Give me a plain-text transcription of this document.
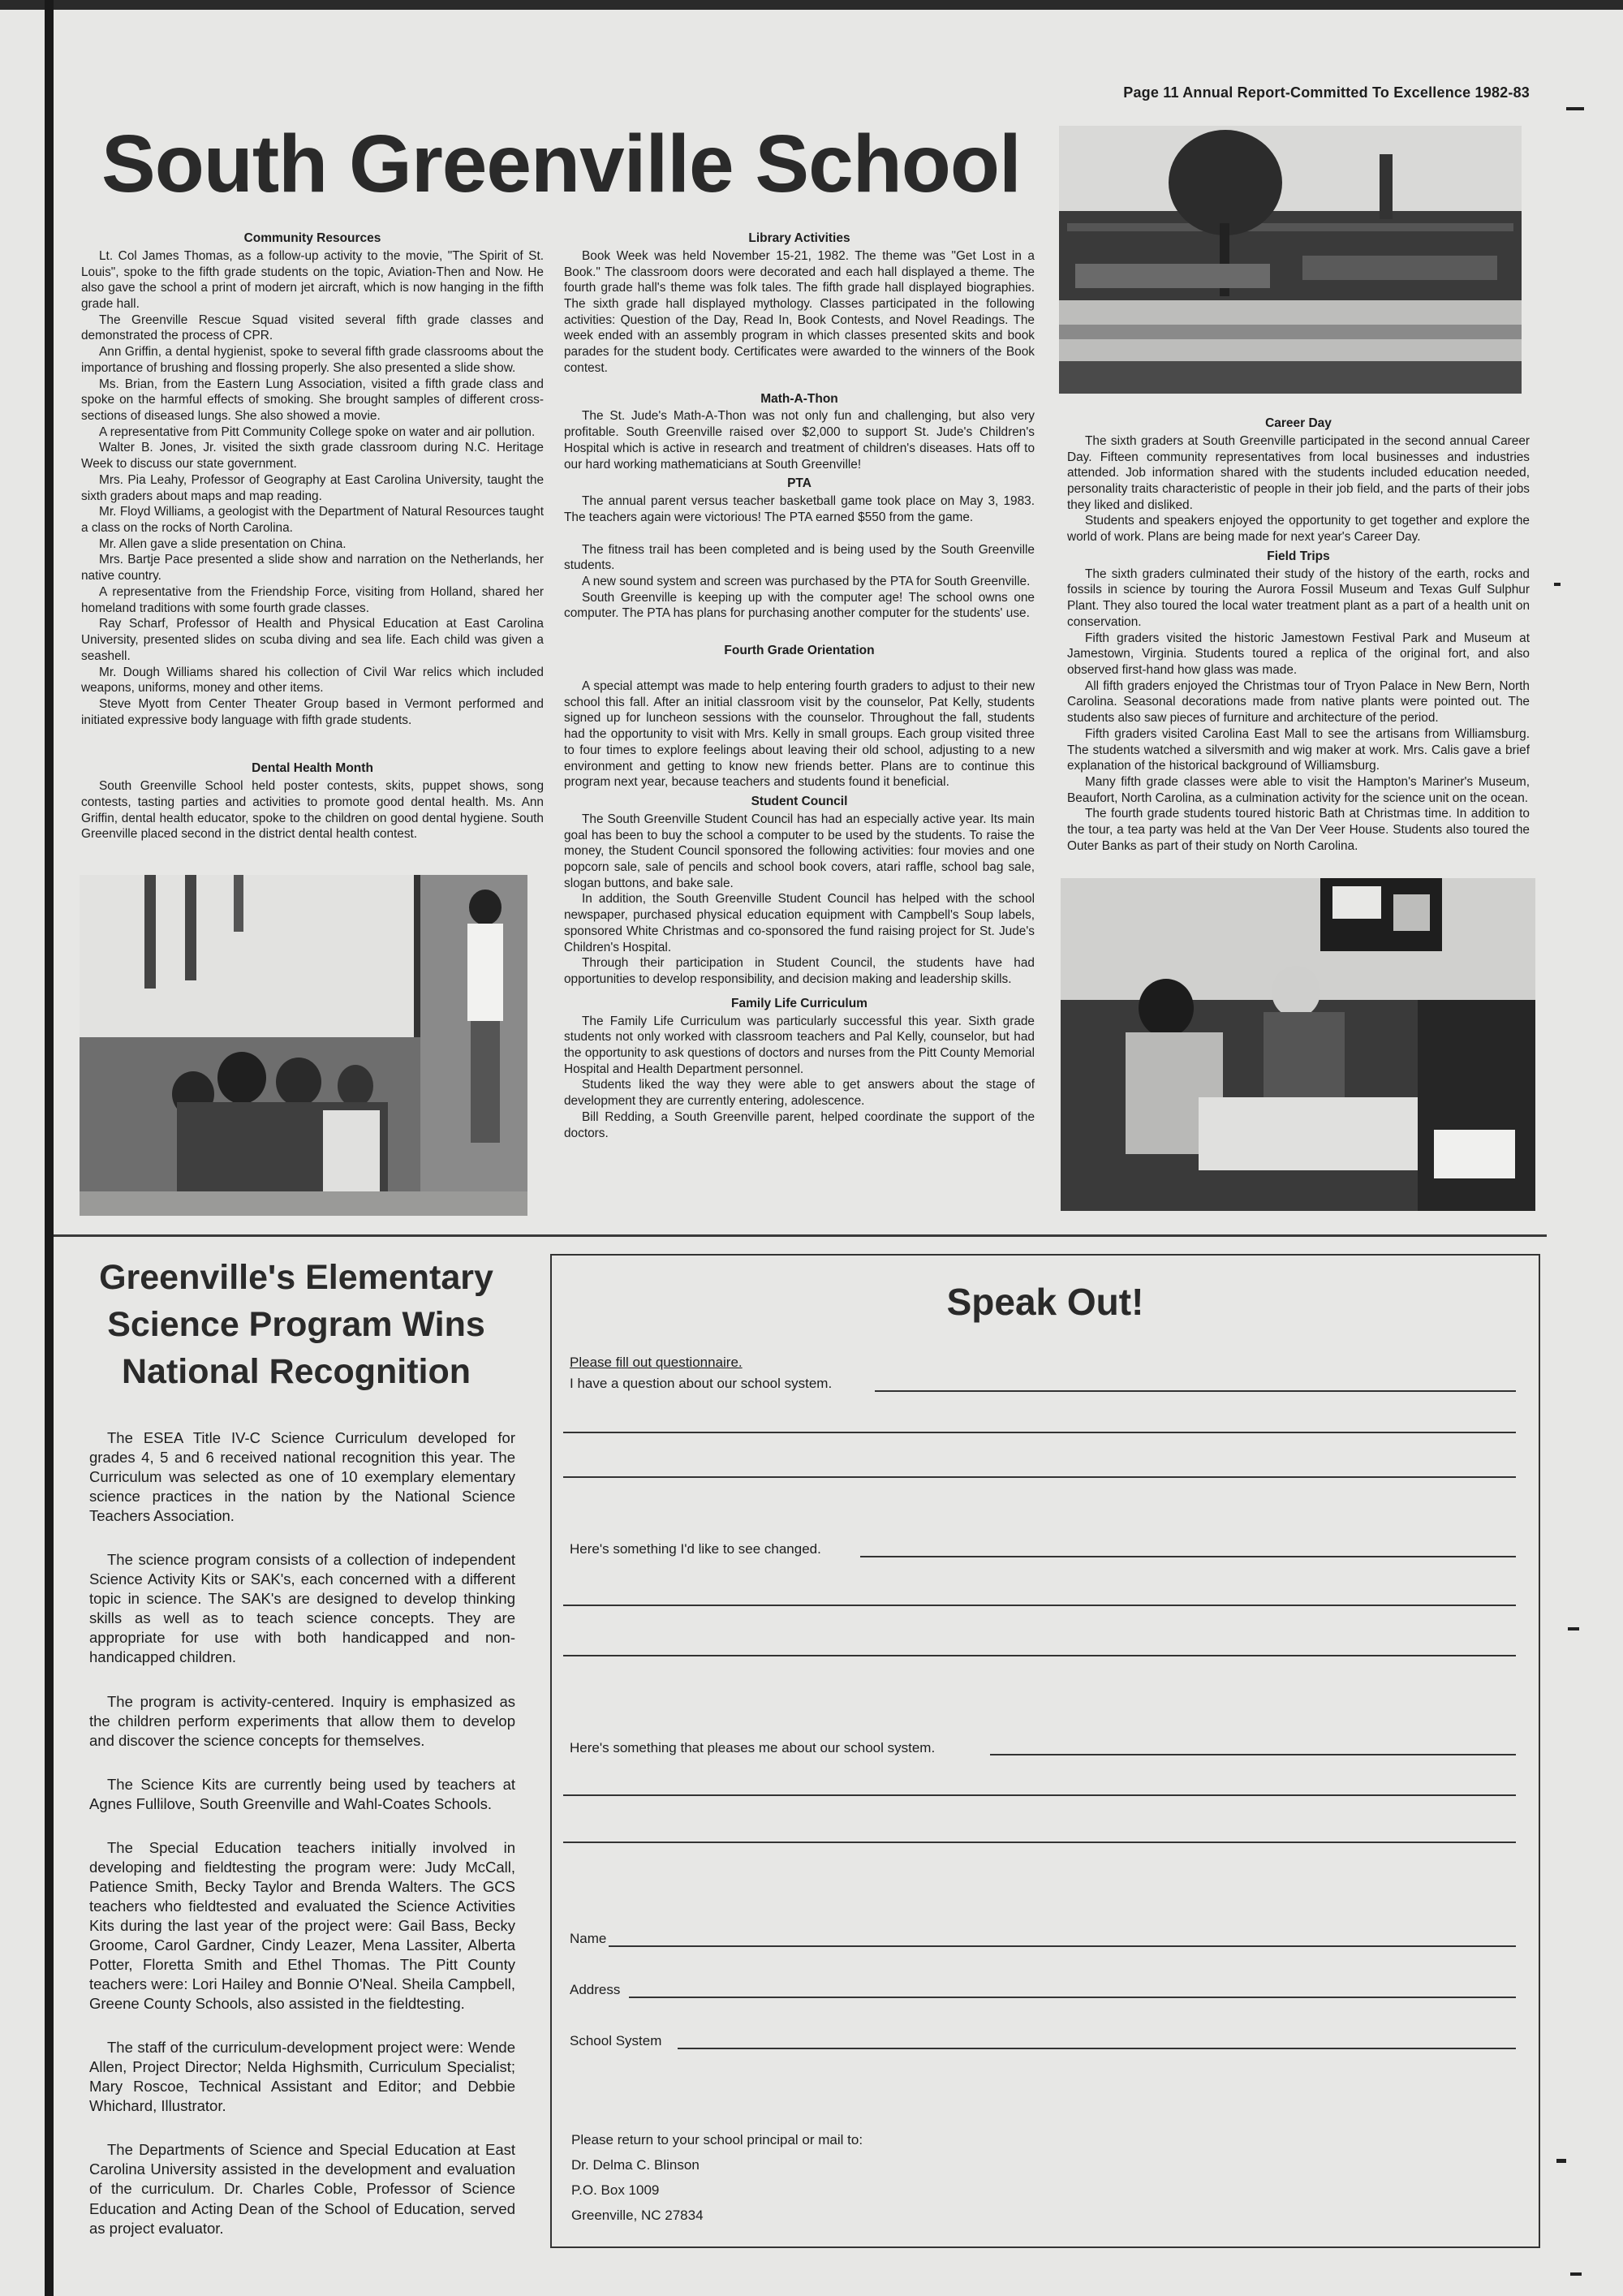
Page 11 Annual Report-Committed To Excellence 1982-83
South Greenville School
Community Resources

Lt. Col James Thomas, as a follow-up activity to the movie, "The Spirit of St. Louis", spoke to the fifth grade students on the topic, Aviation-Then and Now. He also gave the school a print of modern jet aircraft, which is now hanging in the fifth grade hall.

The Greenville Rescue Squad visited several fifth grade classes and demonstrated the process of CPR.

Ann Griffin, a dental hygienist, spoke to several fifth grade classrooms about the importance of brushing and flossing properly. She also presented a slide show.

Ms. Brian, from the Eastern Lung Association, visited a fifth grade class and spoke on the harmful effects of smoking. She brought samples of different cross-sections of diseased lungs. She also showed a movie.

A representative from Pitt Community College spoke on water and air pollution.

Walter B. Jones, Jr. visited the sixth grade classroom during N.C. Heritage Week to discuss our state government.

Mrs. Pia Leahy, Professor of Geography at East Carolina University, taught the sixth graders about maps and map reading.

Mr. Floyd Williams, a geologist with the Department of Natural Resources taught a class on the rocks of North Carolina.

Mr. Allen gave a slide presentation on China.

Mrs. Bartje Pace presented a slide show and narration on the Netherlands, her native country.

A representative from the Friendship Force, visiting from Holland, shared her homeland traditions with some fourth grade classes.

Ray Scharf, Professor of Health and Physical Education at East Carolina University, presented slides on scuba diving and sea life. Each child was given a seashell.

Mr. Dough Williams shared his collection of Civil War relics which included weapons, uniforms, money and other items.

Steve Myott from Center Theater Group based in Vermont performed and initiated expressive body language with fifth grade students.

Dental Health Month

South Greenville School held poster contests, skits, puppet shows, song contests, tasting parties and activities to promote good dental health. Ms. Ann Griffin, dental health educator, spoke to the children on good dental hygiene. South Greenville placed second in the district dental health contest.

Library Activities

Book Week was held November 15-21, 1982. The theme was "Get Lost in a Book." The classroom doors were decorated and each hall displayed a theme. The fourth grade hall's theme was folk tales. The fifth grade hall displayed biographies. The sixth grade hall displayed mythology. Classes participated in the following activities: Question of the Day, Read In, Book Contests, and Novel Readings. The week ended with an assembly program in which classes presented skits and book parades for the student body. Certificates were awarded to the winners of the Book contest.

Math-A-Thon

The St. Jude's Math-A-Thon was not only fun and challenging, but also very profitable. South Greenville raised over $2,000 to support St. Jude's Children's Hospital which is active in research and treatment of children's diseases. Hats off to our hard working mathematicians at South Greenville!

PTA

The annual parent versus teacher basketball game took place on May 3, 1983. The teachers again were victorious! The PTA earned $550 from the game.

The fitness trail has been completed and is being used by the South Greenville students.

A new sound system and screen was purchased by the PTA for South Greenville.

South Greenville is keeping up with the computer age! The school owns one computer. The PTA has plans for purchasing another computer for the students' use.

Fourth Grade Orientation

A special attempt was made to help entering fourth graders to adjust to their new school this fall. After an initial classroom visit by the counselor, Pat Kelly, students signed up for luncheon sessions with the counselor. Throughout the fall, students had the opportunity to visit with Mrs. Kelly in small groups. Each group visited three to four times to explore feelings about leaving their old school, adjusting to a new environment and getting to know new friends better. Plans are to continue this program next year, because teachers and students found it beneficial.

Student Council

The South Greenville Student Council has had an especially active year. Its main goal has been to buy the school a computer to be used by the students. To raise the money, the Student Council sponsored the following activities: four movies and one popcorn sale, sale of pencils and school book covers, atari raffle, school bag sale, slogan buttons, and bake sale.

In addition, the South Greenville Student Council has helped with the school newspaper, purchased physical education equipment with Campbell's Soup labels, sponsored White Christmas and co-sponsored the fund raising project for St. Jude's Children's Hospital.

Through their participation in Student Council, the students have had opportunities to develop responsibility, and decision making and leadership skills.

Family Life Curriculum

The Family Life Curriculum was particularly successful this year. Sixth grade students not only worked with classroom teachers and Pal Kelly, counselor, but had the opportunity to ask questions of doctors and nurses from the Pitt County Memorial Hospital and Health Department personnel.

Students liked the way they were able to get answers about the stage of development they are currently entering, adolescence.

Bill Redding, a South Greenville parent, helped coordinate the support of the doctors.

Career Day

The sixth graders at South Greenville participated in the second annual Career Day. Fifteen community representatives from local businesses and industries attended. Job information shared with the students included education needed, personality traits characteristic of people in their job field, and the parts of their jobs they liked and disliked.

Students and speakers enjoyed the opportunity to get together and explore the world of work. Plans are being made for next year's Career Day.

Field Trips

The sixth graders culminated their study of the history of the earth, rocks and fossils in science by touring the Aurora Fossil Museum and Texas Gulf Sulphur Plant. They also toured the local water treatment plant as a part of a health unit on conservation.

Fifth graders visited the historic Jamestown Festival Park and Museum at Jamestown, Virginia. Students toured a replica of the original fort, and also observed first-hand how glass was made.

All fifth graders enjoyed the Christmas tour of Tryon Palace in New Bern, North Carolina. Seasonal decorations made from native plants were pointed out. The students also saw pieces of furniture and architecture of the period.

Fifth graders visited Carolina East Mall to see the artisans from Williamsburg. The students watched a silversmith and wig maker at work. Mrs. Calis gave a brief explanation of the historical background of Williamsburg.

Many fifth grade classes were able to visit the Hampton's Mariner's Museum, Beaufort, North Carolina, as a culmination activity for the science unit on the ocean.

The fourth grade students toured historic Bath at Christmas time. In addition to the tour, a tea party was held at the Van Der Veer House. Students also toured the Outer Banks as part of their study on North Carolina.

Greenville's Elementary
Science Program Wins
National Recognition

The ESEA Title IV-C Science Curriculum developed for grades 4, 5 and 6 received national recognition this year. The Curriculum was selected as one of 10 exemplary elementary science practices in the nation by the National Science Teachers Association.

The science program consists of a collection of independent Science Activity Kits or SAK's, each concerned with a different topic in science. The SAK's are designed to develop thinking skills as well as to teach science concepts. They are appropriate for use with both handicapped and non-handicapped children.

The program is activity-centered. Inquiry is emphasized as the children perform experiments that allow them to develop and discover the science concepts for themselves.

The Science Kits are currently being used by teachers at Agnes Fullilove, South Greenville and Wahl-Coates Schools.

The Special Education teachers initially involved in developing and fieldtesting the program were: Judy McCall, Patience Smith, Becky Taylor and Brenda Walters. The GCS teachers who fieldtested and evaluated the Science Activities Kits during the last year of the project were: Gail Bass, Becky Groome, Carol Gardner, Cindy Leazer, Mena Lassiter, Alberta Potter, Floretta Smith and Ethel Thomas. The Pitt County teachers were: Lori Hailey and Bonnie O'Neal. Sheila Campbell, Greene County Schools, also assisted in the fieldtesting.

The staff of the curriculum-development project were: Wende Allen, Project Director; Nelda Highsmith, Curriculum Specialist; Mary Roscoe, Technical Assistant and Editor; and Debbie Whichard, Illustrator.

The Departments of Science and Special Education at East Carolina University assisted in the development and evaluation of the curriculum. Dr. Charles Coble, Professor of Science Education and Acting Dean of the School of Education, served as project evaluator.

Speak Out!
Please fill out questionnaire.
I have a question about our school system.
Here's something I'd like to see changed.
Here's something that pleases me about our school system.
Name
Address
School System
Please return to your school principal or mail to:
Dr. Delma C. Blinson
P.O. Box 1009
Greenville, NC 27834
